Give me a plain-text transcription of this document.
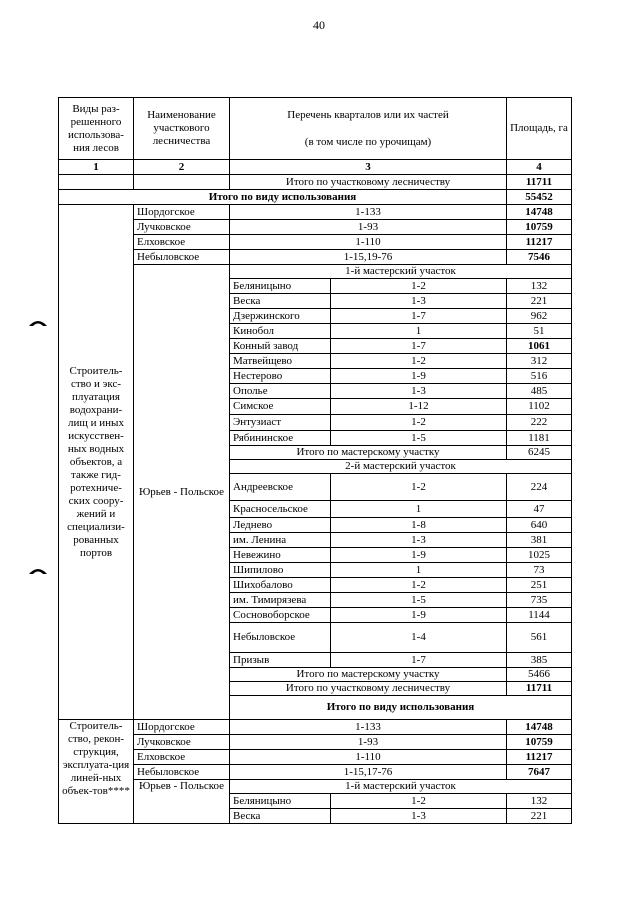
40
Виды раз-решенного использова-ния лесов	Наименование участкового лесничества	Перечень кварталов или их частей
(в том числе по урочищам)		Площадь, га	
1	2	3		4	
		Итого по участковому лесничеству		11711	
Итого по виду использования				55452	
Строитель-ство и экс-плуатация водохрани-лищ и иных искусствен-ных водных объектов, а также гид-ротехниче-ских соору-жений и специализи-рованных портов	Шордогское	1-133		14748	
	Лучковское	1-93		10759	
	Елховское	1-110		11217	
	Небыловское	1-15,19-76		7546	
	Юрьев - Польское	1-й мастерский участок			
		Беляницыно	1-2	132	
		Веска	1-3	221	
		Дзержинского	1-7	962	
		Кинобол	1	51	
		Конный завод	1-7	1061	
		Матвейщево	1-2	312	
		Нестерово	1-9	516	
		Ополье	1-3	485	
		Симское	1-12	1102	
		Энтузиаст	1-2	222	
		Рябининское	1-5	1181	
		Итого по мастерскому участку		6245	
		2-й мастерский участок			
		Андреевское	1-2	224	
		Красносельское	1	47	
		Леднево	1-8	640	
		им. Ленина	1-3	381	
		Невежино	1-9	1025	
		Шипилово	1	73	
		Шихобалово	1-2	251	
		им. Тимирязева	1-5	735	
		Сосновоборское	1-9	1144	
		Небыловское	1-4	561	
		Призыв	1-7	385	
		Итого по мастерскому участку		5466	
		Итого по участковому лесничеству		11711	
		Итого по виду использования	
Строитель-ство, рекон-струкция, эксплуата-ция линей-ных объек-тов****	Шордогское	1-133		14748	
	Лучковское	1-93		10759	
	Елховское	1-110		11217	
	Небыловское	1-15,17-76		7647	
	Юрьев - Польское	1-й мастерский участок			
		Беляницыно	1-2	132	
		Веска	1-3	221	
